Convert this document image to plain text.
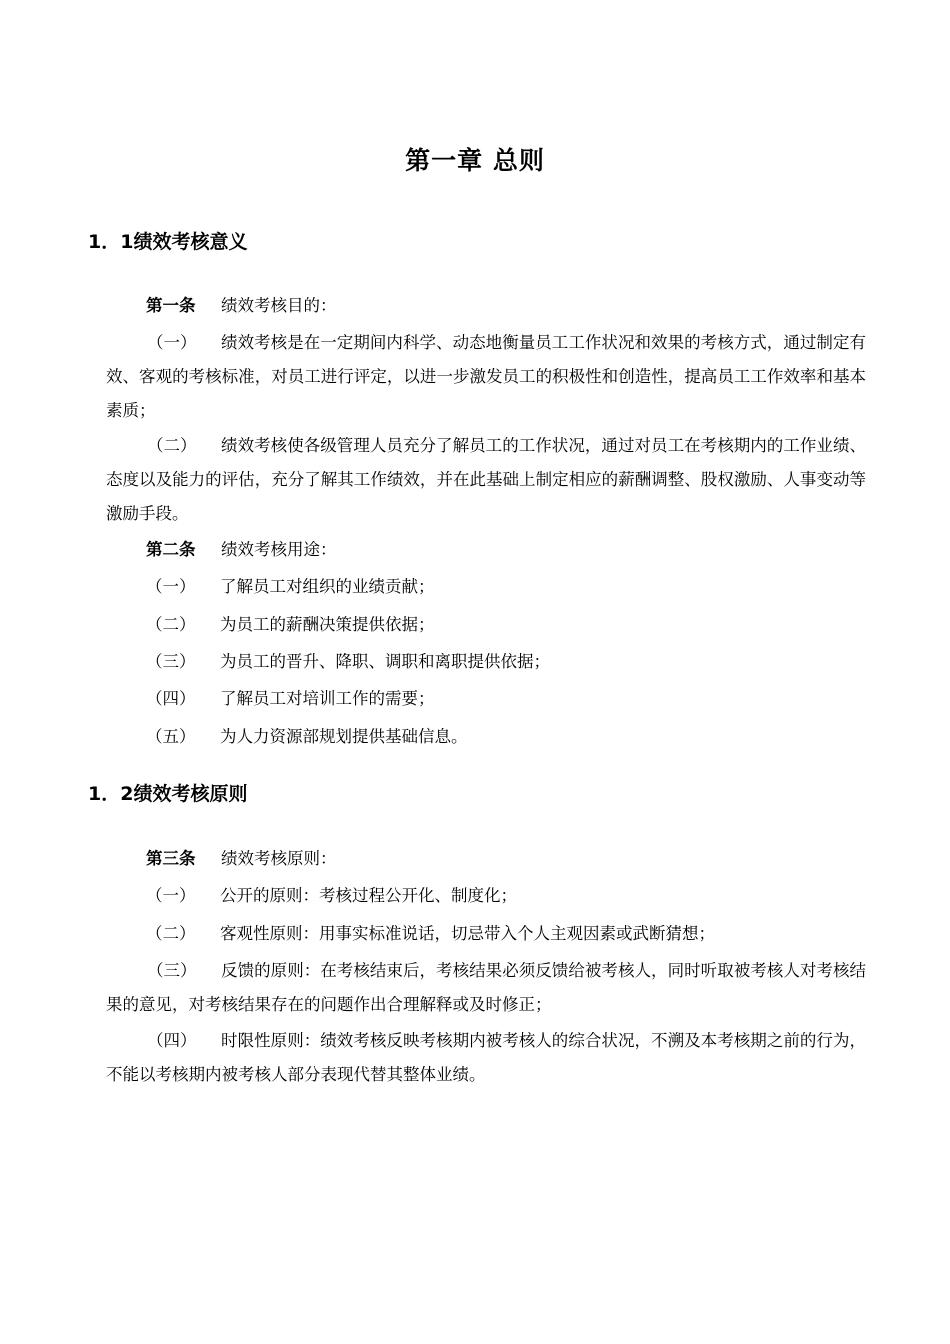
第一章 总则
1．1绩效考核意义
第一条 绩效考核目的：
（一） 绩效考核是在一定期间内科学、动态地衡量员工工作状况和效果的考核方式，通过制定有效、客观的考核标准，对员工进行评定，以进一步激发员工的积极性和创造性，提高员工工作效率和基本素质；
（二） 绩效考核使各级管理人员充分了解员工的工作状况，通过对员工在考核期内的工作业绩、态度以及能力的评估，充分了解其工作绩效，并在此基础上制定相应的薪酬调整、股权激励、人事变动等激励手段。
第二条 绩效考核用途：
（一） 了解员工对组织的业绩贡献；
（二） 为员工的薪酬决策提供依据；
（三） 为员工的晋升、降职、调职和离职提供依据；
（四） 了解员工对培训工作的需要；
（五） 为人力资源部规划提供基础信息。
1．2绩效考核原则
第三条 绩效考核原则：
（一） 公开的原则：考核过程公开化、制度化；
（二） 客观性原则：用事实标准说话，切忌带入个人主观因素或武断猜想；
（三） 反馈的原则：在考核结束后，考核结果必须反馈给被考核人，同时听取被考核人对考核结果的意见，对考核结果存在的问题作出合理解释或及时修正；
（四） 时限性原则：绩效考核反映考核期内被考核人的综合状况，不溯及本考核期之前的行为，不能以考核期内被考核人部分表现代替其整体业绩。
